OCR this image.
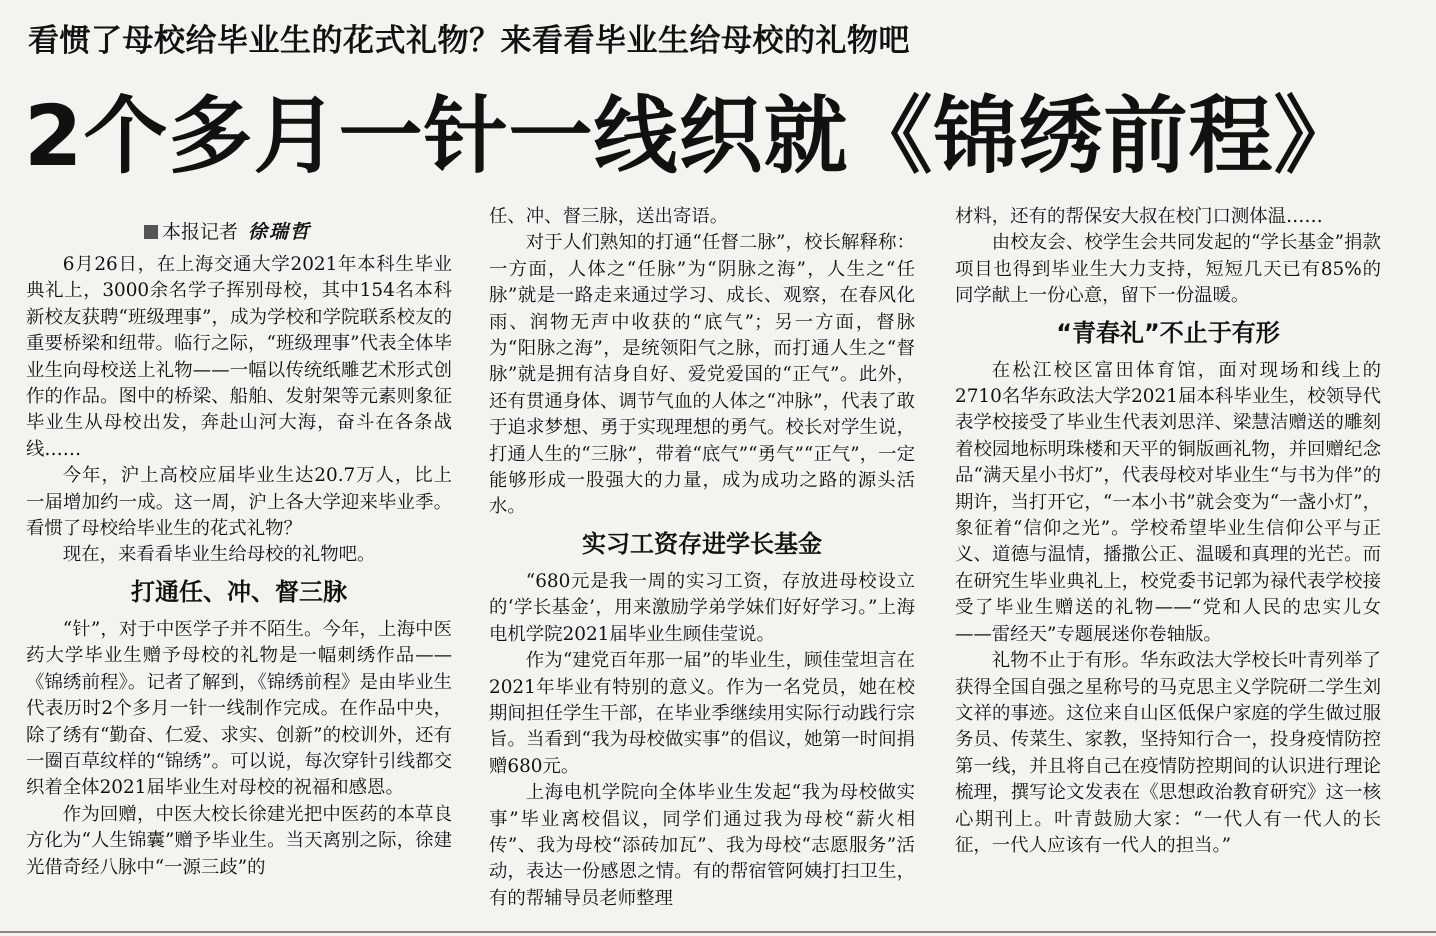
看惯了母校给毕业生的花式礼物？来看看毕业生给母校的礼物吧
2个多月一针一线织就《锦绣前程》
本报记者 徐瑞哲

6月26日，在上海交通大学2021年本科生毕业典礼上，3000余名学子挥别母校，其中154名本科新校友获聘“班级理事”，成为学校和学院联系校友的重要桥梁和纽带。临行之际，“班级理事”代表全体毕业生向母校送上礼物——一幅以传统纸雕艺术形式创作的作品。图中的桥梁、船舶、发射架等元素则象征毕业生从母校出发，奔赴山河大海，奋斗在各条战线……

今年，沪上高校应届毕业生达20.7万人，比上一届增加约一成。这一周，沪上各大学迎来毕业季。看惯了母校给毕业生的花式礼物？

现在，来看看毕业生给母校的礼物吧。

打通任、冲、督三脉

“针”，对于中医学子并不陌生。今年，上海中医药大学毕业生赠予母校的礼物是一幅刺绣作品——《锦绣前程》。记者了解到，《锦绣前程》是由毕业生代表历时2个多月一针一线制作完成。在作品中央，除了绣有“勤奋、仁爱、求实、创新”的校训外，还有一圈百草纹样的“锦绣”。可以说，每次穿针引线都交织着全体2021届毕业生对母校的祝福和感恩。

作为回赠，中医大校长徐建光把中医药的本草良方化为“人生锦囊”赠予毕业生。当天离别之际，徐建光借奇经八脉中“一源三歧”的

任、冲、督三脉，送出寄语。

对于人们熟知的打通“任督二脉”，校长解释称：一方面，人体之“任脉”为“阴脉之海”，人生之“任脉”就是一路走来通过学习、成长、观察，在春风化雨、润物无声中收获的“底气”；另一方面，督脉为“阳脉之海”，是统领阳气之脉，而打通人生之“督脉”就是拥有洁身自好、爱党爱国的“正气”。此外，还有贯通身体、调节气血的人体之“冲脉”，代表了敢于追求梦想、勇于实现理想的勇气。校长对学生说，打通人生的“三脉”，带着“底气”“勇气”“正气”，一定能够形成一股强大的力量，成为成功之路的源头活水。

实习工资存进学长基金

“680元是我一周的实习工资，存放进母校设立的‘学长基金’，用来激励学弟学妹们好好学习。”上海电机学院2021届毕业生顾佳莹说。

作为“建党百年那一届”的毕业生，顾佳莹坦言在2021年毕业有特别的意义。作为一名党员，她在校期间担任学生干部，在毕业季继续用实际行动践行宗旨。当看到“我为母校做实事”的倡议，她第一时间捐赠680元。

上海电机学院向全体毕业生发起“我为母校做实事”毕业离校倡议，同学们通过我为母校“薪火相传”、我为母校“添砖加瓦”、我为母校“志愿服务”活动，表达一份感恩之情。有的帮宿管阿姨打扫卫生，有的帮辅导员老师整理

材料，还有的帮保安大叔在校门口测体温……

由校友会、校学生会共同发起的“学长基金”捐款项目也得到毕业生大力支持，短短几天已有85%的同学献上一份心意，留下一份温暖。

“青春礼”不止于有形

在松江校区富田体育馆，面对现场和线上的2710名华东政法大学2021届本科毕业生，校领导代表学校接受了毕业生代表刘思洋、梁慧洁赠送的雕刻着校园地标明珠楼和天平的铜版画礼物，并回赠纪念品“满天星小书灯”，代表母校对毕业生“与书为伴”的期许，当打开它，“一本小书”就会变为“一盏小灯”，象征着“信仰之光”。学校希望毕业生信仰公平与正义、道德与温情，播撒公正、温暖和真理的光芒。而在研究生毕业典礼上，校党委书记郭为禄代表学校接受了毕业生赠送的礼物——“党和人民的忠实儿女——雷经天”专题展迷你卷轴版。

礼物不止于有形。华东政法大学校长叶青列举了获得全国自强之星称号的马克思主义学院研二学生刘文祥的事迹。这位来自山区低保户家庭的学生做过服务员、传菜生、家教，坚持知行合一，投身疫情防控第一线，并且将自己在疫情防控期间的认识进行理论梳理，撰写论文发表在《思想政治教育研究》这一核心期刊上。叶青鼓励大家：“一代人有一代人的长征，一代人应该有一代人的担当。”
